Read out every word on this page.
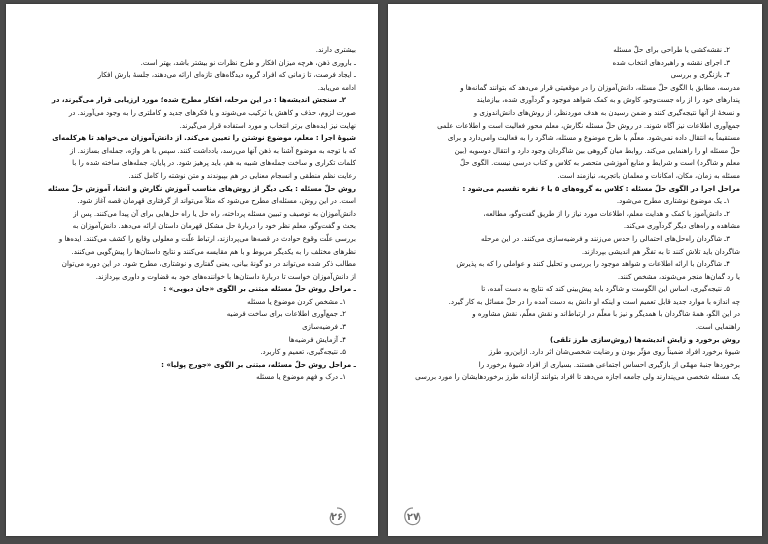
بیشتری دارند.
ـ باروری ذهن، هرچه میزان افکار و طرح نظرات نو بیشتر باشد، بهتر است.
ـ ایجاد فرصت، تا زمانی که افراد گروه دیدگاه‌های تازه‌ای ارائه می‌دهند، جلسهٔ بارش افکار
ادامه می‌یابد.
۲ـ سنجش اندیشه‌ها : در این مرحله، افکار مطرح شده؛ مورد ارزیابی قرار می‌گیرند، در
صورت لزوم، حذف و کاهش یا ترکیب می‌شوند و یا فکرهای جدید و کاملتری را به وجود می‌آورند. در
نهایت نیز ایده‌های برتر انتخاب و مورد استفاده قرار می‌گیرند.
شیوهٔ اجرا : معلم، موضوع نوشتن را تعیین می‌کند. از دانش‌آموزان می‌خواهد تا هرکلمه‌ای
که با توجه به موضوع آشنا به ذهن آنها می‌رسد، یادداشت کنند. سپس با هر واژه، جمله‌ای بسازند. از
کلمات تکراری و ساخت جمله‌های شبیه به هم، باید پرهیز شود. در پایان، جمله‌های ساخته شده را با
رعایت نظم منطقی و انسجام معنایی در هم بپیوندند و متن نوشته را کامل کنند.
روش حلّ مسئله : یکی دیگر از روش‌های مناسب آموزش نگارش و انشا، آموزش حلّ مسئله
است. در این روش، مسئله‌ای مطرح می‌شود که مثلاً می‌تواند از گرفتاری قهرمان قصه آغاز شود.
دانش‌آموزان به توصیف و تبیین مسئله پرداخته، راه حل یا راه حل‌هایی برای آن پیدا می‌کنند. پس از
بحث و گفت‌وگو، معلم نظر خود را دربارهٔ حل مشکل قهرمان داستان ارائه می‌دهد. دانش‌آموزان به
بررسی علّت وقوع حوادث در قصه‌ها می‌پردازند، ارتباط علّت و معلولی وقایع را کشف می‌کنند. ایده‌ها و
نظرهای مختلف را به یکدیگر مربوط و با هم مقایسه می‌کنند و نتایج داستان‌ها را پیش‌گویی می‌کنند.
مطالب ذکر شده می‌تواند در دو گونهٔ بیانی، یعنی گفتاری و نوشتاری، مطرح شود. در این دوره می‌توان
از دانش‌آموزان خواست تا دربارهٔ داستان‌ها با خواننده‌های خود به قضاوت و داوری بپردازند.
ـ مراحل روش حلّ مسئله مبتنی بر الگوی «جان دیویی» :
۱ـ مشخص کردن موضوع یا مسئله
۲ـ جمع‌آوری اطلاعات برای ساخت فرضیه
۳ـ فرضیه‌سازی
۴ـ آزمایش فرضیه‌ها
۵ـ نتیجه‌گیری، تعمیم و کاربرد.
ـ مراحل روش حلّ مسئله، مبتنی بر الگوی «جورج پولیا» :
۱ـ درک و فهم موضوع یا مسئله
۲۶
۲ـ نقشه‌کشی یا طراحی برای حلّ مسئله
۳ـ اجرای نقشه و راهبردهای انتخاب شده
۴ـ بازنگری و بررسی
مدرسه، مطابق با الگوی حلّ مسئله، دانش‌آموزان را در موقعیتی قرار می‌دهد که بتوانند گمانه‌ها و
پندارهای خود را از راه جست‌وجو، کاوش و به کمک شواهد موجود و گردآوری شده، بیازمایند
و نسخهٔ از آنها نتیجه‌گیری کنند و ضمن رسیدن به هدف موردنظر، از روش‌های دانش‌اندوزی و
جمع‌آوری اطلاعات نیز آگاه شوند. در روش حلّ مسئله نگارش، معلم محور فعالیت است و اطلاعات علمی
مستقیماً به انتقال داده نمی‌شود. معلّم با طرح موضوع و مسئله، شاگرد را به فعالیت وامی‌دارد و برای
حلّ مسئله او را راهنمایی می‌کند. روابط میان گروهی بین شاگردان وجود دارد و انتقال دوسویه (بین
معلم و شاگرد) است و شرایط و منابع آموزشی متحصر به کلاس و کتاب درسی نیست. الگوی حلّ
مسئله به زمان، مکان، امکانات و معلمان باتجربه، نیازمند است.
مراحل اجرا در الگوی حلّ مسئله : کلاس به گروه‌های ۵ یا ۶ نفره تقسیم می‌شود :
۱ـ یک موضوع نوشتاری مطرح می‌شود.
۲ـ دانش‌آموز با کمک و هدایت معلم، اطلاعات مورد نیاز را از طریق گفت‌وگو، مطالعه،
مشاهده و راه‌های دیگر گردآوری می‌کند.
۳ـ شاگردان راه‌حل‌های احتمالی را حدس می‌زنند و فرضیه‌سازی می‌کنند. در این مرحله
شاگردان باید تلاش کنند تا به تفکّر هم اندیشی بپردازند.
۴ـ شاگردان با ارائه اطلاعات و شواهد موجود را بررسی و تحلیل کنند و عواملی را که به پذیرش
یا رد گمان‌ها منجر می‌شوند، مشخص کنند.
۵ـ نتیجه‌گیری، اساس این الگوست و شاگرد باید پیش‌بینی کند که نتایج به دست آمده، تا
چه اندازه با موارد جدید قابل تعمیم است و اینکه او دانش به دست آمده را در حلّ مسائل به کار گیرد.
در این الگو، همهٔ شاگردان با همدیگر و نیز با معلّم در ارتباط‌اند و نقش معلّم، نقش مشاوره و
راهنمایی است.
روش برخورد و زایش اندیشه‌ها (روش‌سازی طرز تلقی)
شیوهٔ برخورد افراد ضمیناً روی مؤثّر بودن و رضایت شخصی‌شان اثر دارد. ازاین‌رو، طرز
برخوردها جنبهٔ مهمّی از بازگیری احساس اجتماعی هستند. بسیاری از افراد شیوهٔ برخورد را
یک مسئله شخصی می‌پندارند ولی جامعه اجازه می‌دهد تا افراد بتوانند آزادانه طرز برخوردهایشان را مورد بررسی
۲۷
